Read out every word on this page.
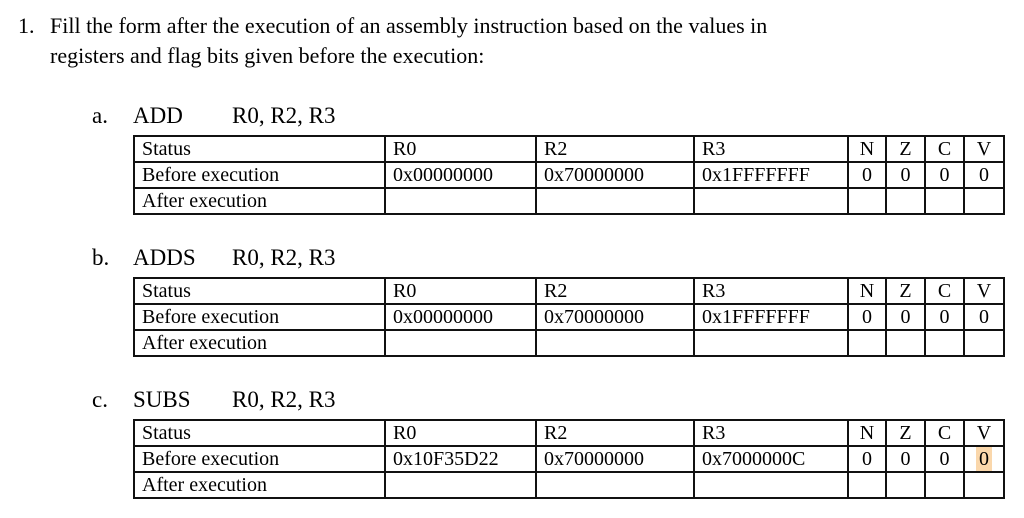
1. Fill the form after the execution of an assembly instruction based on the values in
registers and flag bits given before the execution:
a.	ADD	R0, R2, R3
Status	R0	R2	R3	N	Z	C	V
Before execution	0x00000000	0x70000000	0x1FFFFFFF	0	0	0	0
After execution							
b.	ADDS	R0, R2, R3
Status	R0	R2	R3	N	Z	C	V
Before execution	0x00000000	0x70000000	0x1FFFFFFF	0	0	0	0
After execution							
c.	SUBS	R0, R2, R3
Status	R0	R2	R3	N	Z	C	V
Before execution	0x10F35D22	0x70000000	0x7000000C	0	0	0	0
After execution							
